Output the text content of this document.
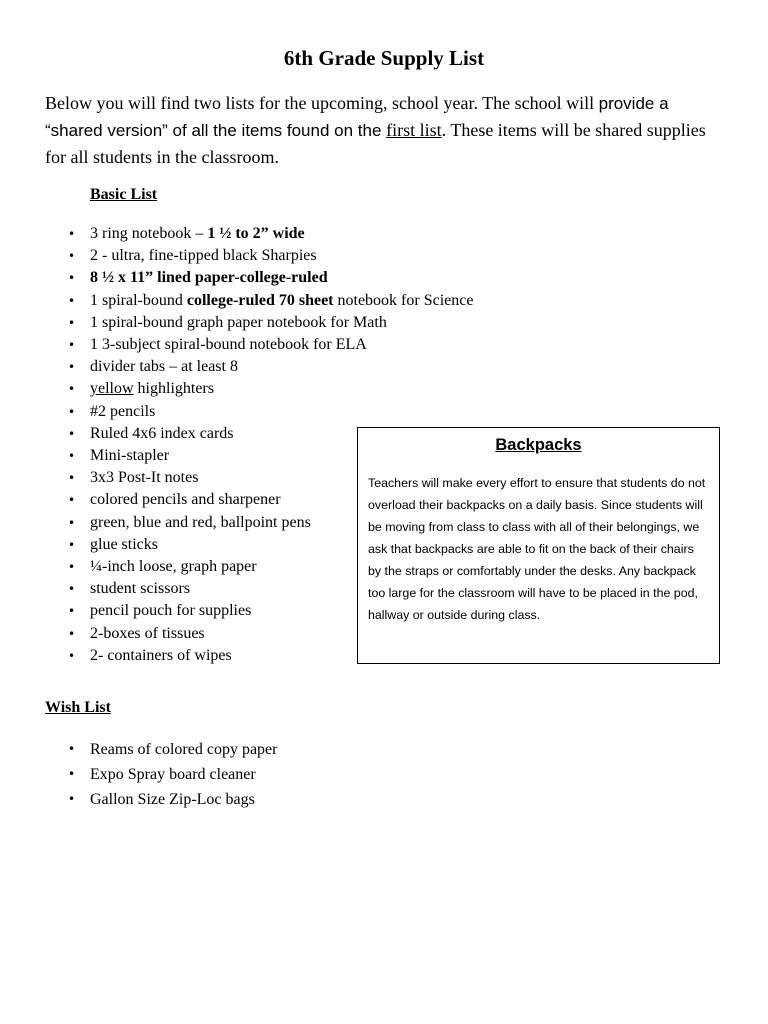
6th Grade Supply List

Below you will find two lists for the upcoming, school year. The school will provide a “shared version” of all the items found on the first list. These items will be shared supplies for all students in the classroom.

Basic List
• 3 ring notebook – 1 ½ to 2” wide
• 2 - ultra, fine-tipped black Sharpies
• 8 ½ x 11” lined paper-college-ruled
• 1 spiral-bound college-ruled 70 sheet notebook for Science
• 1 spiral-bound graph paper notebook for Math
• 1 3-subject spiral-bound notebook for ELA
• divider tabs – at least 8
• yellow highlighters
• #2 pencils
• Ruled 4x6 index cards
• Mini-stapler
• 3x3 Post-It notes
• colored pencils and sharpener
• green, blue and red, ballpoint pens
• glue sticks
• ¼-inch loose, graph paper
• student scissors
• pencil pouch for supplies
• 2-boxes of tissues
• 2- containers of wipes
Backpacks

Teachers will make every effort to ensure that students do not overload their backpacks on a daily basis. Since students will be moving from class to class with all of their belongings, we ask that backpacks are able to fit on the back of their chairs by the straps or comfortably under the desks. Any backpack too large for the classroom will have to be placed in the pod, hallway or outside during class.

Wish List
• Reams of colored copy paper
• Expo Spray board cleaner
• Gallon Size Zip-Loc bags
